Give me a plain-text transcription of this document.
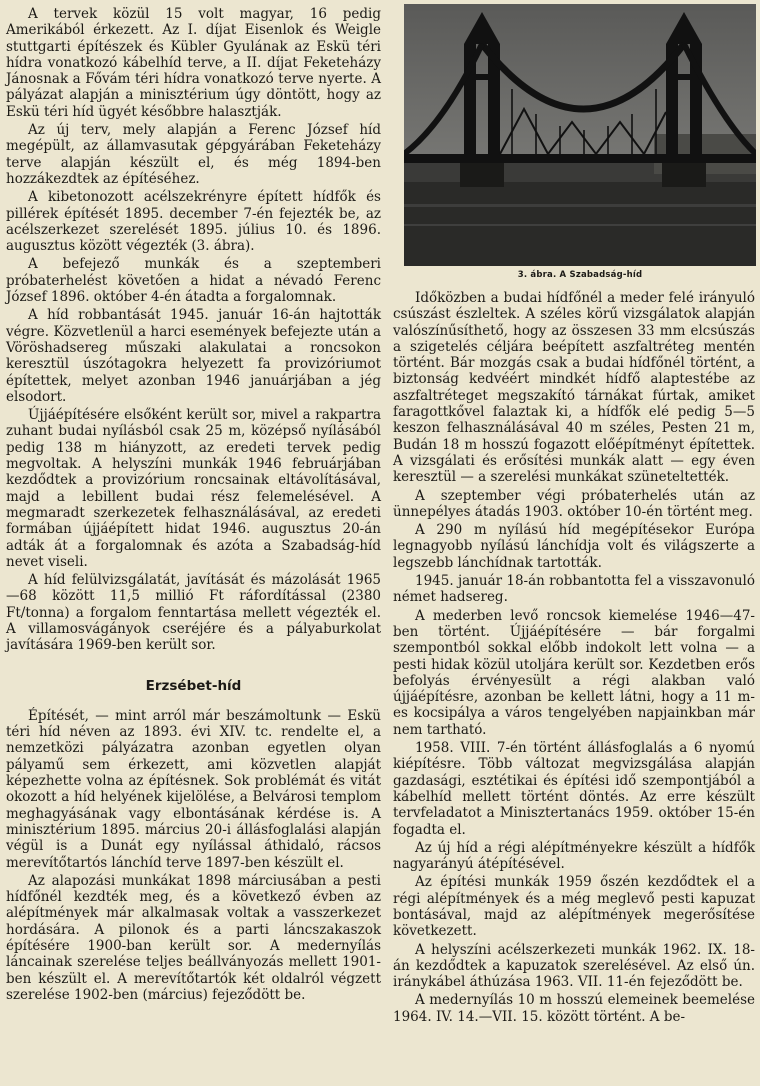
A tervek közül 15 volt magyar, 16 pedig Amerikából érkezett. Az I. díjat Eisenlok és Weigle stuttgarti építészek és Kübler Gyulának az Eskü téri hídra vonatkozó kábelhíd terve, a II. díjat Feketeházy Jánosnak a Fővám téri hídra vonatkozó terve nyerte. A pályázat alapján a minisztérium úgy döntött, hogy az Eskü téri híd ügyét későbbre halasztják.

Az új terv, mely alapján a Ferenc József híd megépült, az államvasutak gépgyárában Feketeházy terve alapján készült el, és még 1894-ben hozzákezdtek az építéséhez.

A kibetonozott acélszekrényre épített hídfők és pillérek építését 1895. december 7-én fejezték be, az acélszerkezet szerelését 1895. július 10. és 1896. augusztus között végezték (3. ábra).

A befejező munkák és a szeptemberi próbaterhelést követően a hidat a névadó Ferenc József 1896. október 4-én átadta a forgalomnak.

A híd robbantását 1945. január 16-án hajtották végre. Közvetlenül a harci események befejezte után a Vöröshadsereg műszaki alakulatai a roncsokon keresztül úszótagokra helyezett fa provizóriumot építettek, melyet azonban 1946 januárjában a jég elsodort.

Újjáépítésére elsőként került sor, mivel a rakpartra zuhant budai nyílásból csak 25 m, középső nyílásából pedig 138 m hiányzott, az eredeti tervek pedig megvoltak. A helyszíni munkák 1946 februárjában kezdődtek a provizórium roncsainak eltávolításával, majd a lebillent budai rész felemelésével. A megmaradt szerkezetek felhasználásával, az eredeti formában újjáépített hidat 1946. augusztus 20-án adták át a forgalomnak és azóta a Szabadság-híd nevet viseli.

A híd felülvizsgálatát, javítását és mázolását 1965—68 között 11,5 millió Ft ráfordítással (2380 Ft/tonna) a forgalom fenntartása mellett végezték el. A villamosvágányok cseréjére és a pályaburkolat javítására 1969-ben került sor.

Erzsébet-híd

Építését, — mint arról már beszámoltunk — Eskü téri híd néven az 1893. évi XIV. tc. rendelte el, a nemzetközi pályázatra azonban egyetlen olyan pályamű sem érkezett, ami közvetlen alapját képezhette volna az építésnek. Sok problémát és vitát okozott a híd helyének kijelölése, a Belvárosi templom meghagyásának vagy elbontásának kérdése is. A minisztérium 1895. március 20-i állásfoglalási alapján végül is a Dunát egy nyílással áthidaló, rácsos merevítőtartós lánchíd terve 1897-ben készült el.

Az alapozási munkákat 1898 márciusában a pesti hídfőnél kezdték meg, és a következő évben az alépítmények már alkalmasak voltak a vasszerkezet hordására. A pilonok és a parti láncszakaszok építésére 1900-ban került sor. A medernyílás láncainak szerelése teljes beállványozás mellett 1901-ben készült el. A merevítőtartók két oldalról végzett szerelése 1902-ben (március) fejeződött be.

3. ábra. A Szabadság-híd

Időközben a budai hídfőnél a meder felé irányuló csúszást észleltek. A széles körű vizsgálatok alapján valószínűsíthető, hogy az összesen 33 mm elcsúszás a szigetelés céljára beépített aszfaltréteg mentén történt. Bár mozgás csak a budai hídfőnél történt, a biztonság kedvéért mindkét hídfő alaptestébe az aszfaltréteget megszakító tárnákat fúrtak, amiket faragottkővel falaztak ki, a hídfők elé pedig 5—5 keszon felhasználásával 40 m széles, Pesten 21 m, Budán 18 m hosszú fogazott előépítményt építettek. A vizsgálati és erősítési munkák alatt — egy éven keresztül — a szerelési munkákat szüneteltették.

A szeptember végi próbaterhelés után az ünnepélyes átadás 1903. október 10-én történt meg.

A 290 m nyílású híd megépítésekor Európa legnagyobb nyílású lánchídja volt és világszerte a legszebb lánchídnak tartották.

1945. január 18-án robbantotta fel a visszavonuló német hadsereg.

A mederben levő roncsok kiemelése 1946—47-ben történt. Újjáépítésére — bár forgalmi szempontból sokkal előbb indokolt lett volna — a pesti hidak közül utoljára került sor. Kezdetben erős befolyás érvényesült a régi alakban való újjáépítésre, azonban be kellett látni, hogy a 11 m-es kocsipálya a város tengelyében napjainkban már nem tartható.

1958. VIII. 7-én történt állásfoglalás a 6 nyomú kiépítésre. Több változat megvizsgálása alapján gazdasági, esztétikai és építési idő szempontjából a kábelhíd mellett történt döntés. Az erre készült tervfeladatot a Minisztertanács 1959. október 15-én fogadta el.

Az új híd a régi alépítményekre készült a hídfők nagyarányú átépítésével.

Az építési munkák 1959 őszén kezdődtek el a régi alépítmények és a még meglevő pesti kapuzat bontásával, majd az alépítmények megerősítése következett.

A helyszíni acélszerkezeti munkák 1962. IX. 18-án kezdődtek a kapuzatok szerelésével. Az első ún. iránykábel áthúzása 1963. VII. 11-én fejeződött be.

A medernyílás 10 m hosszú elemeinek beemelése 1964. IV. 14.—VII. 15. között történt. A be-
